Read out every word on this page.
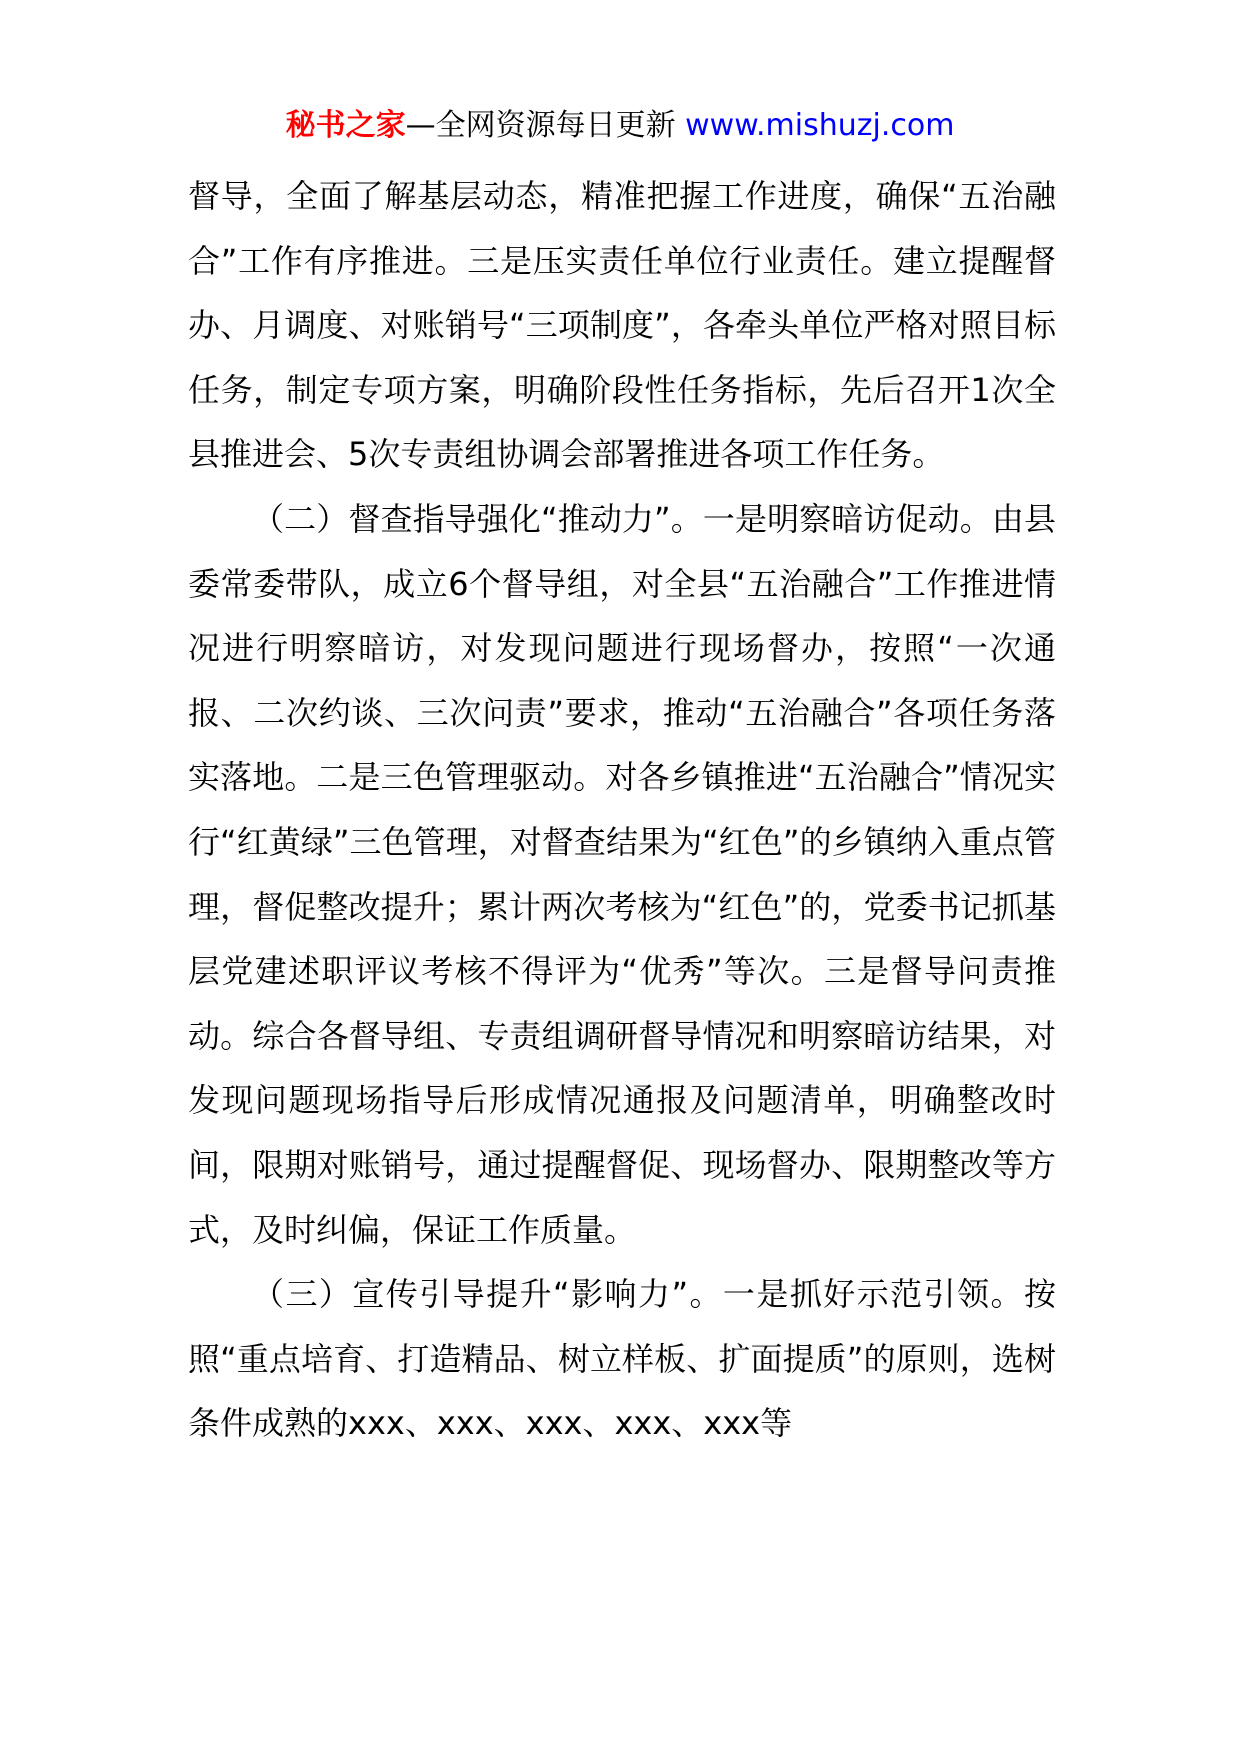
秘书之家—全网资源每日更新 www.mishuzj.com

督导，全面了解基层动态，精准把握工作进度，确保“五治融合”工作有序推进。三是压实责任单位行业责任。建立提醒督办、月调度、对账销号“三项制度”，各牵头单位严格对照目标任务，制定专项方案，明确阶段性任务指标，先后召开1次全县推进会、5次专责组协调会部署推进各项工作任务。

（二）督查指导强化“推动力”。一是明察暗访促动。由县委常委带队，成立6个督导组，对全县“五治融合”工作推进情况进行明察暗访，对发现问题进行现场督办，按照“一次通报、二次约谈、三次问责”要求，推动“五治融合”各项任务落实落地。二是三色管理驱动。对各乡镇推进“五治融合”情况实行“红黄绿”三色管理，对督查结果为“红色”的乡镇纳入重点管理，督促整改提升；累计两次考核为“红色”的，党委书记抓基层党建述职评议考核不得评为“优秀”等次。三是督导问责推动。综合各督导组、专责组调研督导情况和明察暗访结果，对发现问题现场指导后形成情况通报及问题清单，明确整改时间，限期对账销号，通过提醒督促、现场督办、限期整改等方式，及时纠偏，保证工作质量。

（三）宣传引导提升“影响力”。一是抓好示范引领。按照“重点培育、打造精品、树立样板、扩面提质”的原则，选树条件成熟的xxx、xxx、xxx、xxx、xxx等
